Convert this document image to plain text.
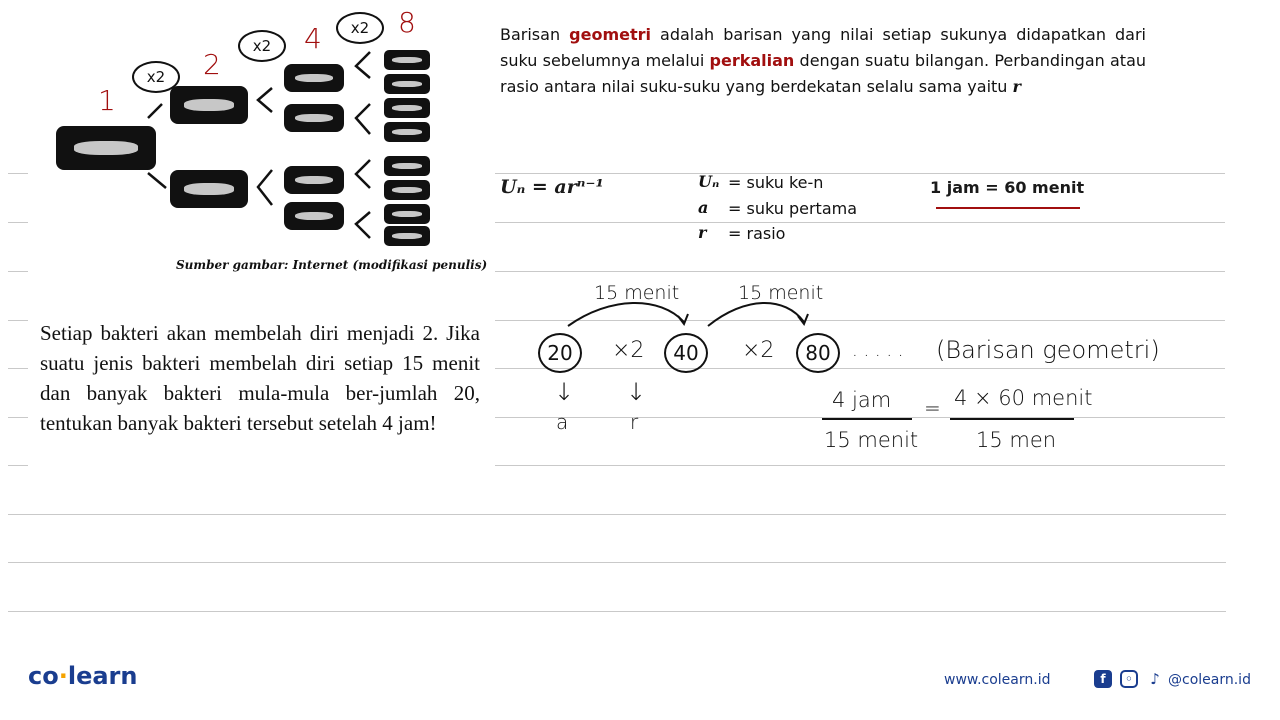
1
2
4	8
x2
x2
x2
Sumber gambar: Internet (modifikasi penulis)
Barisan geometri adalah barisan yang nilai setiap sukunya didapatkan dari suku sebelumnya melalui perkalian dengan suatu bilangan. Perbandingan atau rasio antara nilai suku-suku yang berdekatan selalu sama yaitu r
Uₙ = arⁿ⁻¹	Uₙ = suku ke-n
a = suku pertama
r = rasio
1 jam = 60 menit
Setiap bakteri akan membelah diri menjadi 2. Jika suatu jenis bakteri membelah diri setiap 15 menit dan banyak bakteri mula-mula ber-jumlah 20, tentukan banyak bakteri tersebut setelah 4 jam!
15 menit	15 menit
20	×2	40	×2	80	. . . . . (Barisan geometri)
↓
a
↓
r
4 jam
15 menit
= 4 × 60 menit
15 men
co·learn	www.colearn.id	f	◦	♪ @colearn.id
